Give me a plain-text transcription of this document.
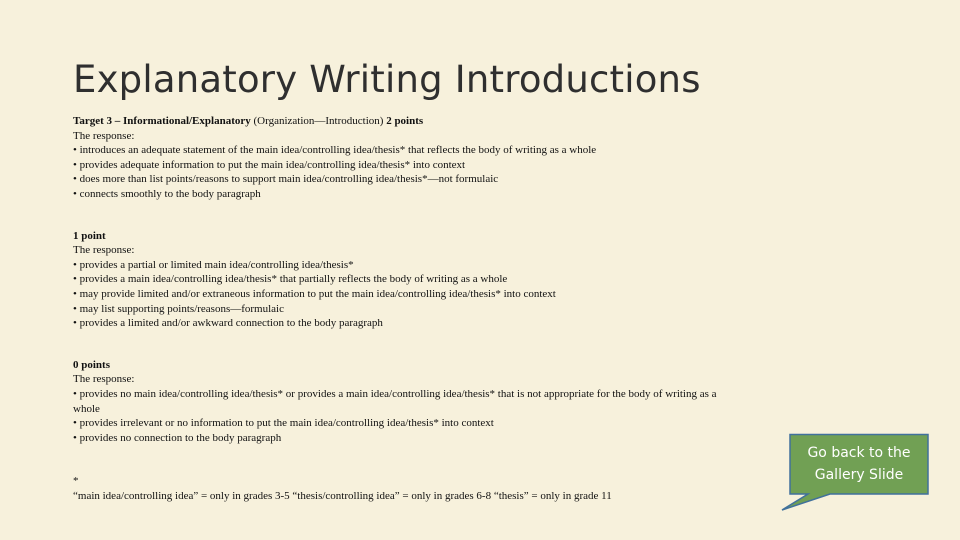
Explanatory Writing Introductions
Target 3 – Informational/Explanatory (Organization—Introduction) 2 points
The response:
• introduces an adequate statement of the main idea/controlling idea/thesis* that reflects the body of writing as a whole
• provides adequate information to put the main idea/controlling idea/thesis* into context
• does more than list points/reasons to support main idea/controlling idea/thesis*—not formulaic
• connects smoothly to the body paragraph
1 point
The response:
• provides a partial or limited main idea/controlling idea/thesis*
• provides a main idea/controlling idea/thesis* that partially reflects the body of writing as a whole
• may provide limited and/or extraneous information to put the main idea/controlling idea/thesis* into context
• may list supporting points/reasons—formulaic
• provides a limited and/or awkward connection to the body paragraph
0 points
The response:
• provides no main idea/controlling idea/thesis* or provides a main idea/controlling idea/thesis* that is not appropriate for the body of writing as a whole
• provides irrelevant or no information to put the main idea/controlling idea/thesis* into context
• provides no connection to the body paragraph
*
“main idea/controlling idea” = only in grades 3-5 “thesis/controlling idea” = only in grades 6-8 “thesis” = only in grade 11
Go back to the Gallery Slide
